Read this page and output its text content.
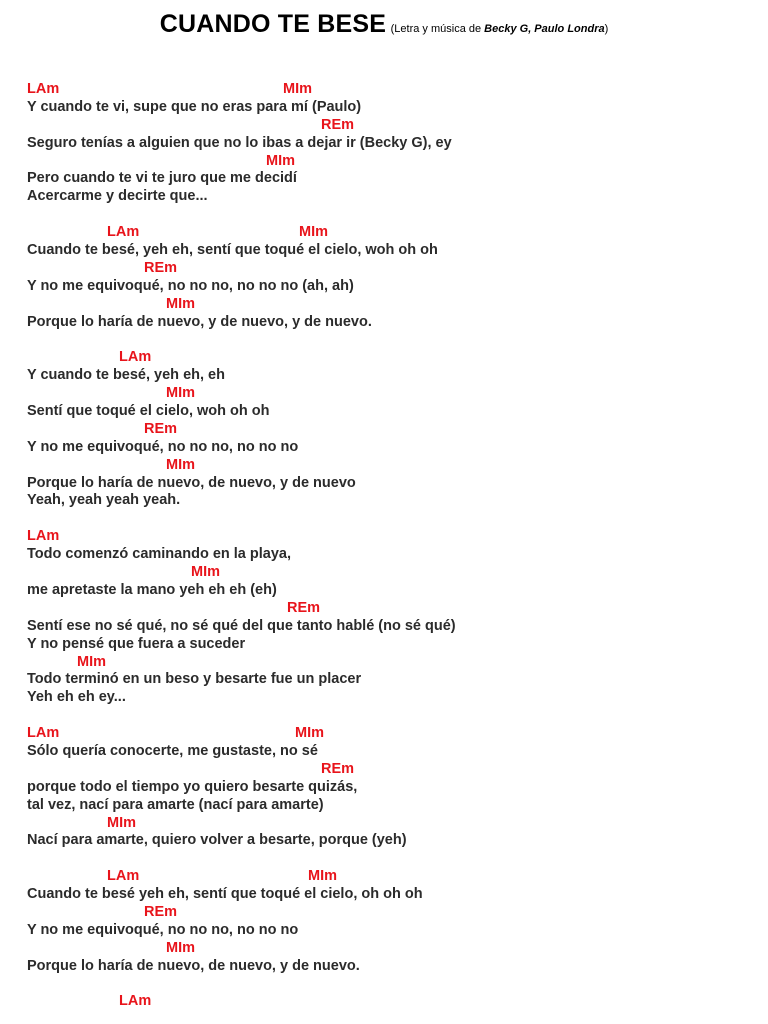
CUANDO TE BESE (Letra y música de Becky G, Paulo Londra)
LAm	MIm
Y cuando te vi, supe que no eras para mí (Paulo)
REm
Seguro tenías a alguien que no lo ibas a dejar ir (Becky G), ey
MIm
Pero cuando te vi te juro que me decidí
Acercarme y decirte que...
LAm	MIm
Cuando te besé, yeh eh, sentí que toqué el cielo, woh oh oh
REm
Y no me equivoqué, no no no, no no no (ah, ah)
MIm
Porque lo haría de nuevo, y de nuevo, y de nuevo.
LAm
Y cuando te besé, yeh eh, eh
MIm
Sentí que toqué el cielo, woh oh oh
REm
Y no me equivoqué, no no no, no no no
MIm
Porque lo haría de nuevo, de nuevo, y de nuevo
Yeah, yeah yeah yeah.
LAm
Todo comenzó caminando en la playa,
MIm
me apretaste la mano yeh eh eh (eh)
REm
Sentí ese no sé qué, no sé qué del que tanto hablé (no sé qué)
Y no pensé que fuera a suceder
MIm
Todo terminó en un beso y besarte fue un placer
Yeh eh eh ey...
LAm	MIm
Sólo quería conocerte, me gustaste, no sé
REm
porque todo el tiempo yo quiero besarte quizás,
tal vez, nací para amarte (nací para amarte)
MIm
Nací para amarte, quiero volver a besarte, porque (yeh)
LAm	MIm
Cuando te besé yeh eh, sentí que toqué el cielo, oh oh oh
REm
Y no me equivoqué, no no no, no no no
MIm
Porque lo haría de nuevo, de nuevo, y de nuevo.
LAm
